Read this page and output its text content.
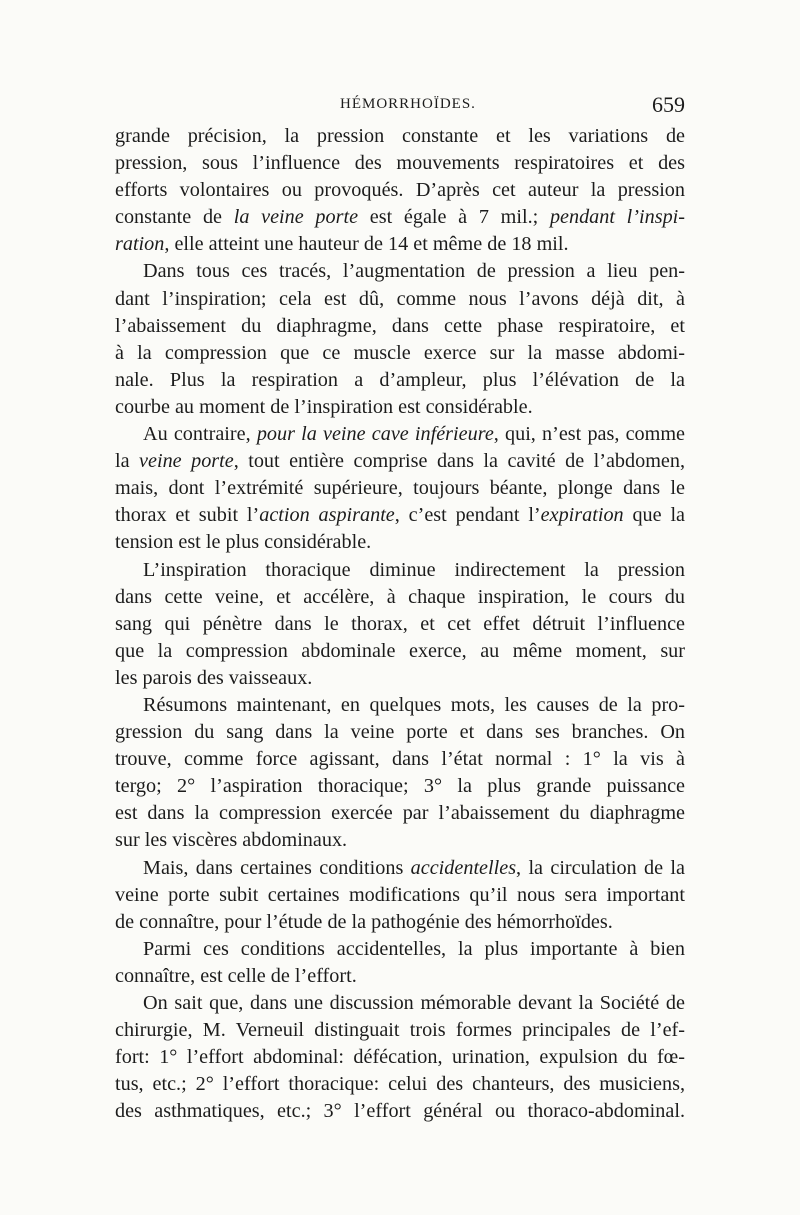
HÉMORRHOÏDES.	659
grande précision, la pression constante et les variations de
pression, sous l’influence des mouvements respiratoires et des
efforts volontaires ou provoqués. D’après cet auteur la pression
constante de la veine porte est égale à 7 mil.; pendant l’inspi-
ration, elle atteint une hauteur de 14 et même de 18 mil.
Dans tous ces tracés, l’augmentation de pression a lieu pen-
dant l’inspiration; cela est dû, comme nous l’avons déjà dit, à
l’abaissement du diaphragme, dans cette phase respiratoire, et
à la compression que ce muscle exerce sur la masse abdomi-
nale. Plus la respiration a d’ampleur, plus l’élévation de la
courbe au moment de l’inspiration est considérable.
Au contraire, pour la veine cave inférieure, qui, n’est pas, comme
la veine porte, tout entière comprise dans la cavité de l’abdomen,
mais, dont l’extrémité supérieure, toujours béante, plonge dans le
thorax et subit l’action aspirante, c’est pendant l’expiration que la
tension est le plus considérable.
L’inspiration thoracique diminue indirectement la pression
dans cette veine, et accélère, à chaque inspiration, le cours du
sang qui pénètre dans le thorax, et cet effet détruit l’influence
que la compression abdominale exerce, au même moment, sur
les parois des vaisseaux.
Résumons maintenant, en quelques mots, les causes de la pro-
gression du sang dans la veine porte et dans ses branches. On
trouve, comme force agissant, dans l’état normal : 1° la vis à
tergo; 2° l’aspiration thoracique; 3° la plus grande puissance
est dans la compression exercée par l’abaissement du diaphragme
sur les viscères abdominaux.
Mais, dans certaines conditions accidentelles, la circulation de la
veine porte subit certaines modifications qu’il nous sera important
de connaître, pour l’étude de la pathogénie des hémorrhoïdes.
Parmi ces conditions accidentelles, la plus importante à bien
connaître, est celle de l’effort.
On sait que, dans une discussion mémorable devant la Société de
chirurgie, M. Verneuil distinguait trois formes principales de l’ef-
fort: 1° l’effort abdominal: défécation, urination, expulsion du fœ-
tus, etc.; 2° l’effort thoracique: celui des chanteurs, des musiciens,
des asthmatiques, etc.; 3° l’effort général ou thoraco-abdominal.
